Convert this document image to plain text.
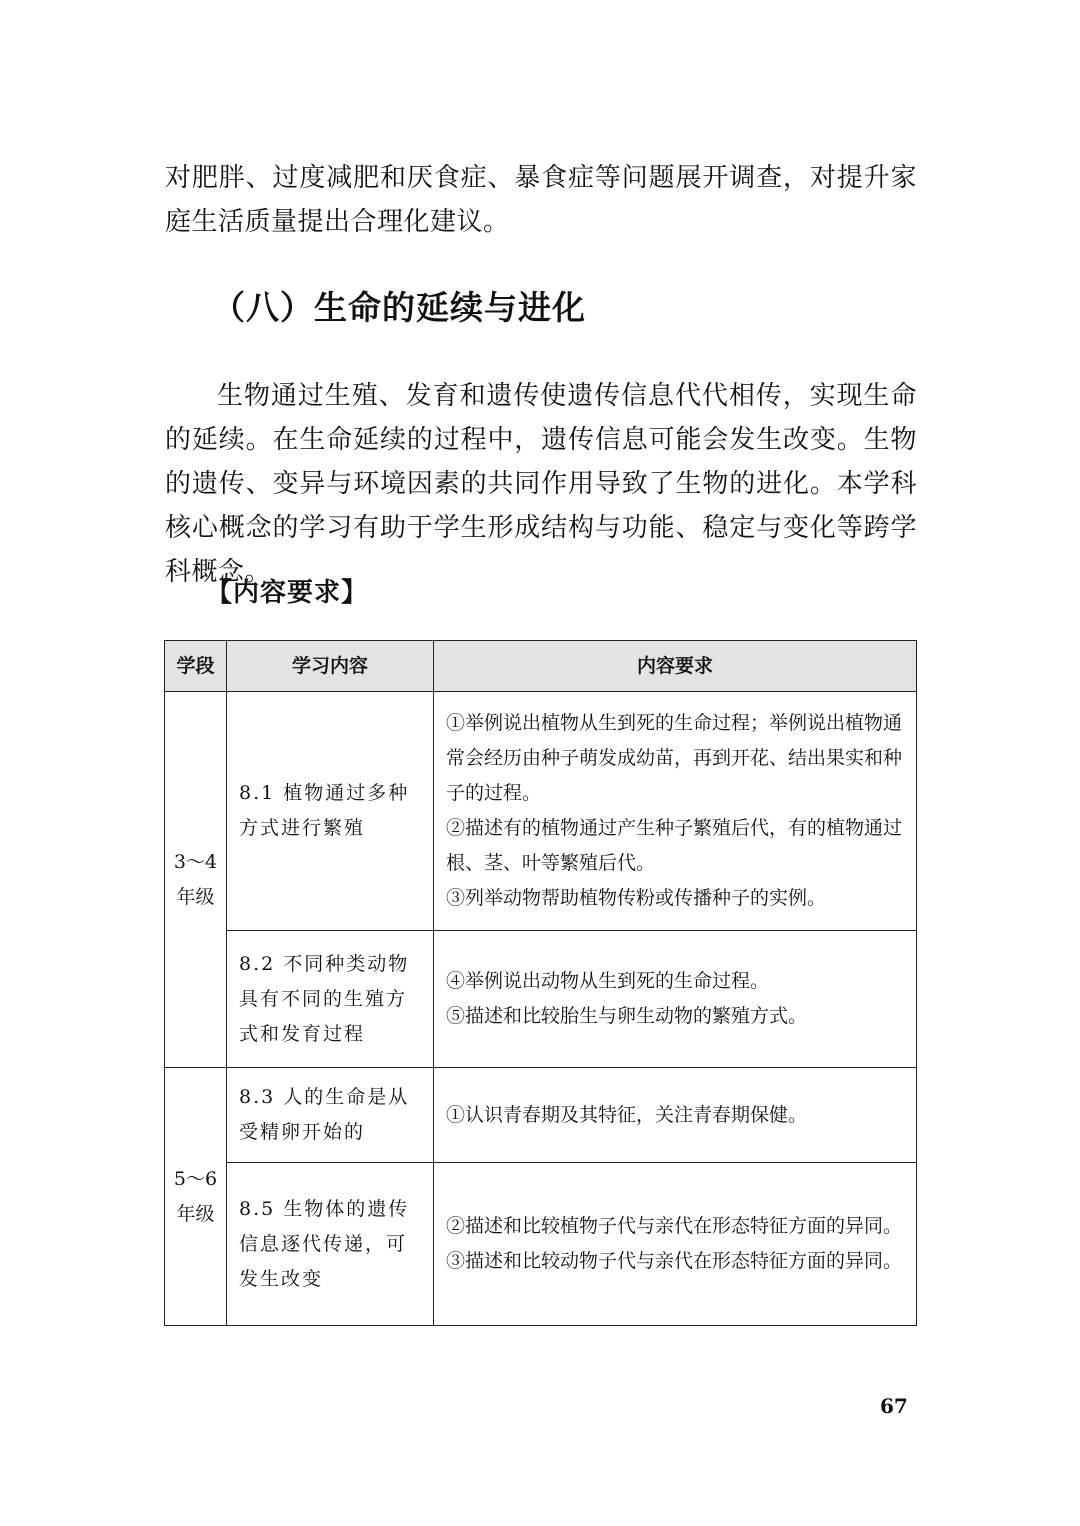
对肥胖、过度减肥和厌食症、暴食症等问题展开调查，对提升家庭生活质量提出合理化建议。

（八）生命的延续与进化

生物通过生殖、发育和遗传使遗传信息代代相传，实现生命的延续。在生命延续的过程中，遗传信息可能会发生改变。生物的遗传、变异与环境因素的共同作用导致了生物的进化。本学科核心概念的学习有助于学生形成结构与功能、稳定与变化等跨学科概念。

【内容要求】
学段	学习内容	内容要求

3～4
年级	8.1 植物通过多种方式进行繁殖	①举例说出植物从生到死的生命过程；举例说出植物通常会经历由种子萌发成幼苗，再到开花、结出果实和种子的过程。
②描述有的植物通过产生种子繁殖后代，有的植物通过根、茎、叶等繁殖后代。
③列举动物帮助植物传粉或传播种子的实例。

	8.2 不同种类动物具有不同的生殖方式和发育过程	④举例说出动物从生到死的生命过程。
⑤描述和比较胎生与卵生动物的繁殖方式。

5～6
年级	8.3 人的生命是从受精卵开始的	①认识青春期及其特征，关注青春期保健。

	8.5 生物体的遗传信息逐代传递，可发生改变	②描述和比较植物子代与亲代在形态特征方面的异同。
③描述和比较动物子代与亲代在形态特征方面的异同。
67
